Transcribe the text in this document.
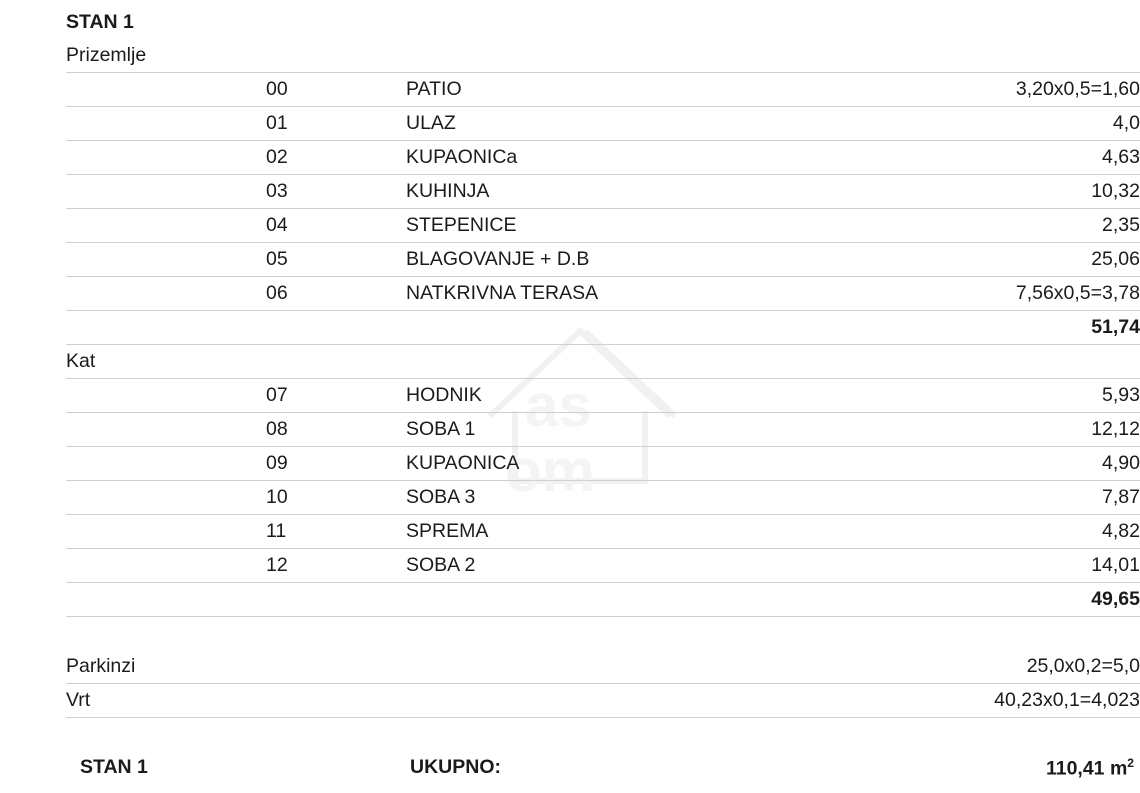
as
om
STAN 1			
Prizemlje			
	00	PATIO	3,20x0,5=1,60
	01	ULAZ	4,0
	02	KUPAONICa	4,63
	03	KUHINJA	10,32
	04	STEPENICE	2,35
	05	BLAGOVANJE + D.B	25,06
	06	NATKRIVNA TERASA	7,56x0,5=3,78
			51,74
Kat			
	07	HODNIK	5,93
	08	SOBA 1	12,12
	09	KUPAONICA	4,90
	10	SOBA 3	7,87
	11	SPREMA	4,82
	12	SOBA 2	14,01
			49,65

Parkinzi			25,0x0,2=5,0
Vrt			40,23x0,1=4,023

STAN 1		UKUPNO:	110,41 $m^2$
